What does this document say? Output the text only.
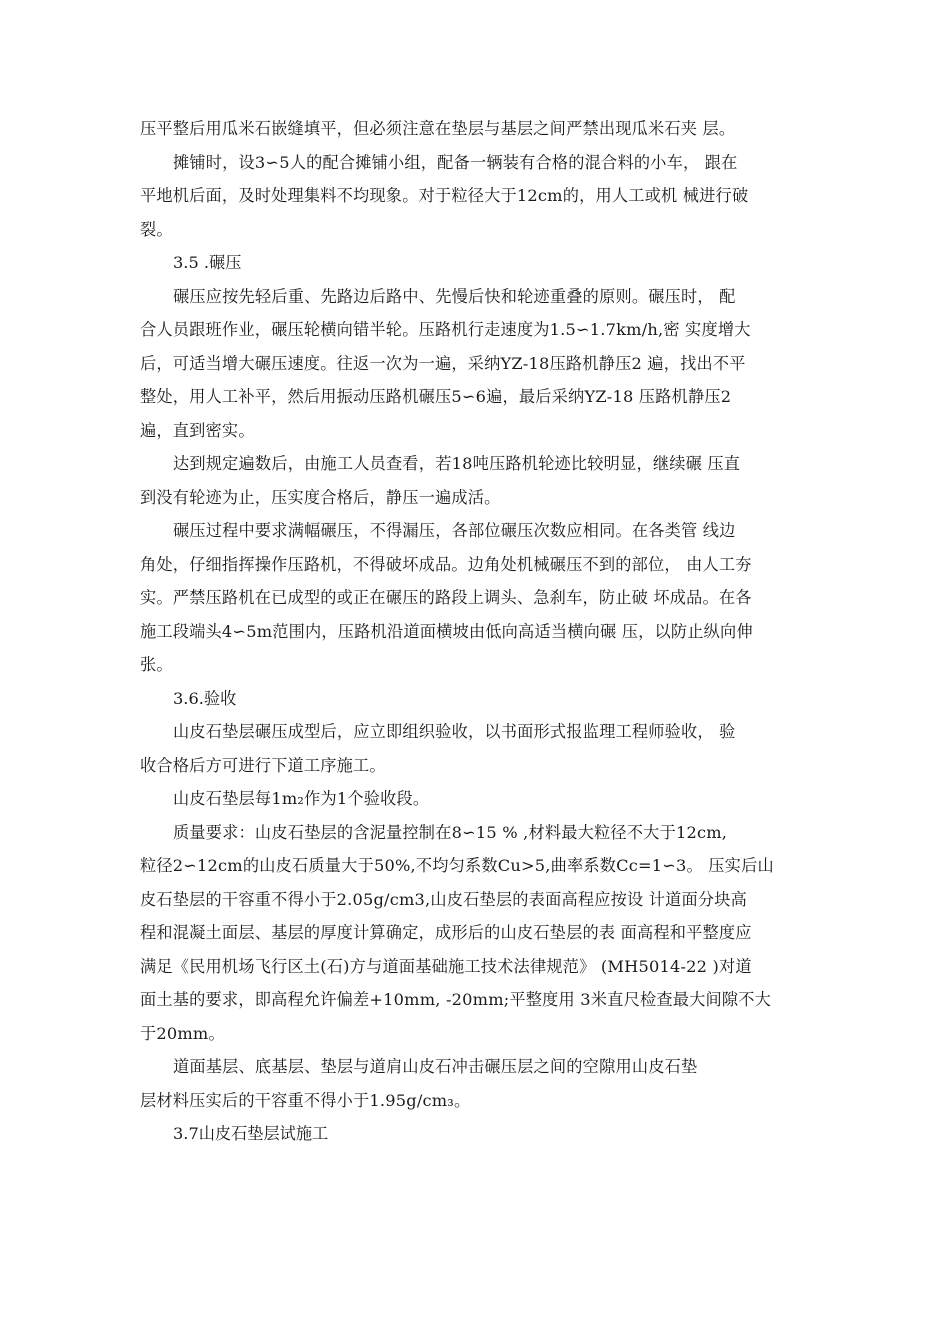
压平整后用瓜米石嵌缝填平，但必须注意在垫层与基层之间严禁出现瓜米石夹 层。

摊铺时，设3∽5人的配合摊铺小组，配备一辆装有合格的混合料的小车， 跟在
平地机后面，及时处理集料不均现象。对于粒径大于12cm的，用人工或机 械进行破
裂。

3.5 .碾压

碾压应按先轻后重、先路边后路中、先慢后快和轮迹重叠的原则。碾压时， 配
合人员跟班作业，碾压轮横向错半轮。压路机行走速度为1.5∽1.7km/h,密 实度增大
后，可适当增大碾压速度。往返一次为一遍，采纳YZ-18压路机静压2 遍，找出不平
整处，用人工补平，然后用振动压路机碾压5∽6遍，最后采纳YZ-18 压路机静压2
遍，直到密实。

达到规定遍数后，由施工人员查看，若18吨压路机轮迹比较明显，继续碾 压直
到没有轮迹为止，压实度合格后，静压一遍成活。

碾压过程中要求满幅碾压，不得漏压，各部位碾压次数应相同。在各类管 线边
角处，仔细指挥操作压路机，不得破坏成品。边角处机械碾压不到的部位， 由人工夯
实。严禁压路机在已成型的或正在碾压的路段上调头、急刹车，防止破 坏成品。在各
施工段端头4∽5m范围内，压路机沿道面横坡由低向高适当横向碾 压，以防止纵向伸
张。

3.6.验收

山皮石垫层碾压成型后，应立即组织验收，以书面形式报监理工程师验收， 验
收合格后方可进行下道工序施工。

山皮石垫层每1m₂作为1个验收段。

质量要求：山皮石垫层的含泥量控制在8∽15 % ,材料最大粒径不大于12cm,
粒径2∽12cm的山皮石质量大于50%,不均匀系数Cu>5,曲率系数Cc=1∽3。 压实后山
皮石垫层的干容重不得小于2.05g/cm3,山皮石垫层的表面高程应按设 计道面分块高
程和混凝土面层、基层的厚度计算确定，成形后的山皮石垫层的表 面高程和平整度应
满足《民用机场飞行区土(石)方与道面基础施工技术法律规范》 (MH5014-22 )对道
面土基的要求，即高程允许偏差+10mm, -20mm;平整度用 3米直尺检查最大间隙不大
于20mm。

道面基层、底基层、垫层与道肩山皮石冲击碾压层之间的空隙用山皮石垫
层材料压实后的干容重不得小于1.95g/cm₃。

3.7山皮石垫层试施工
